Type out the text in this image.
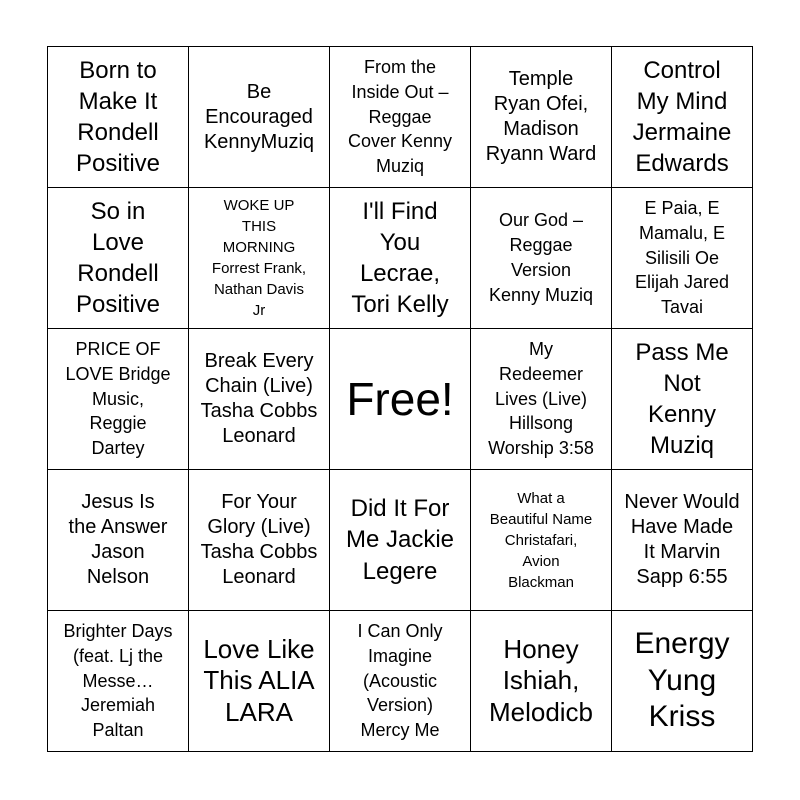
Born to
Make It
Rondell
Positive
Be
Encouraged
KennyMuziq
From the
Inside Out –
Reggae
Cover Kenny
Muziq
Temple
Ryan Ofei,
Madison
Ryann Ward
Control
My Mind
Jermaine
Edwards
So in
Love
Rondell
Positive
WOKE UP
THIS
MORNING
Forrest Frank,
Nathan Davis
Jr
I'll Find
You
Lecrae,
Tori Kelly
Our God –
Reggae
Version
Kenny Muziq
E Paia, E
Mamalu, E
Silisili Oe
Elijah Jared
Tavai
PRICE OF
LOVE Bridge
Music,
Reggie
Dartey
Break Every
Chain (Live)
Tasha Cobbs
Leonard
Free!
My
Redeemer
Lives (Live)
Hillsong
Worship 3:58
Pass Me
Not
Kenny
Muziq
Jesus Is
the Answer
Jason
Nelson
For Your
Glory (Live)
Tasha Cobbs
Leonard
Did It For
Me Jackie
Legere
What a
Beautiful Name
Christafari,
Avion
Blackman
Never Would
Have Made
It Marvin
Sapp 6:55
Brighter Days
(feat. Lj the
Messe…
Jeremiah
Paltan
Love Like
This ALIA
LARA
I Can Only
Imagine
(Acoustic
Version)
Mercy Me
Honey
Ishiah,
Melodicb
Energy
Yung
Kriss
